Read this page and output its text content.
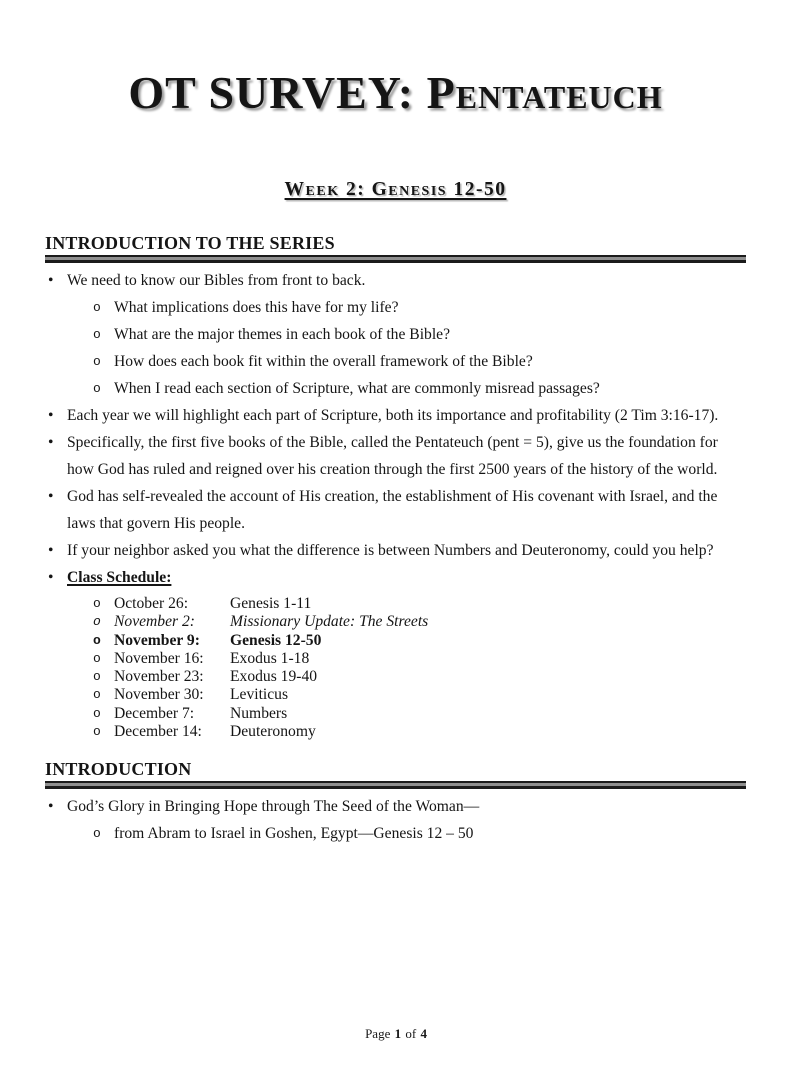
OT SURVEY: Pentateuch
Week 2: Genesis 12-50
INTRODUCTION TO THE SERIES
• We need to know our Bibles from front to back.
o What implications does this have for my life?
o What are the major themes in each book of the Bible?
o How does each book fit within the overall framework of the Bible?
o When I read each section of Scripture, what are commonly misread passages?
• Each year we will highlight each part of Scripture, both its importance and profitability (2 Tim 3:16-17).
• Specifically, the first five books of the Bible, called the Pentateuch (pent = 5), give us the foundation for how God has ruled and reigned over his creation through the first 2500 years of the history of the world.
• God has self-revealed the account of His creation, the establishment of His covenant with Israel, and the laws that govern His people.
• If your neighbor asked you what the difference is between Numbers and Deuteronomy, could you help?
• Class Schedule:
o October 26:	Genesis 1-11
o November 2: Missionary Update: The Streets
o November 9: Genesis 12-50
o November 16: Exodus 1-18
o November 23: Exodus 19-40
o November 30: Leviticus
o December 7: Numbers
o December 14: Deuteronomy
INTRODUCTION
• God’s Glory in Bringing Hope through The Seed of the Woman—
o from Abram to Israel in Goshen, Egypt—Genesis 12 – 50
Page 1 of 4
